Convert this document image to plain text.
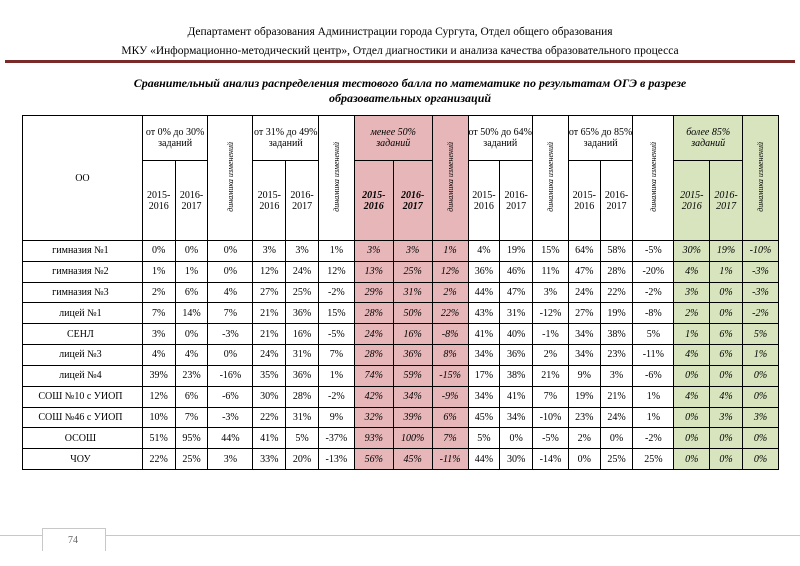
Департамент образования Администрации города Сургута, Отдел общего образования
МКУ «Информационно-методический центр», Отдел диагностики и анализа качества образовательного процесса
Сравнительный анализ распределения тестового балла по математике по результатам ОГЭ в разрезе образовательных организаций
ОО	от 0% до 30% заданий		динамика изменений	от 31% до 49% заданий		динамика изменений	менее 50% заданий		динамика изменений	от 50% до 64% заданий		динамика изменений	от 65% до 85% заданий		динамика изменений	более 85% заданий		динамика изменений
	2015-2016	2016-2017		2015-2016	2016-2017		2015-2016	2016-2017		2015-2016	2016-2017		2015-2016	2016-2017		2015-2016	2016-2017	
гимназия №1	0%	0%	0%	3%	3%	1%	3%	3%	1%	4%	19%	15%	64%	58%	-5%	30%	19%	-10%
гимназия №2	1%	1%	0%	12%	24%	12%	13%	25%	12%	36%	46%	11%	47%	28%	-20%	4%	1%	-3%
гимназия №3	2%	6%	4%	27%	25%	-2%	29%	31%	2%	44%	47%	3%	24%	22%	-2%	3%	0%	-3%
лицей №1	7%	14%	7%	21%	36%	15%	28%	50%	22%	43%	31%	-12%	27%	19%	-8%	2%	0%	-2%
СЕНЛ	3%	0%	-3%	21%	16%	-5%	24%	16%	-8%	41%	40%	-1%	34%	38%	5%	1%	6%	5%
лицей №3	4%	4%	0%	24%	31%	7%	28%	36%	8%	34%	36%	2%	34%	23%	-11%	4%	6%	1%
лицей №4	39%	23%	-16%	35%	36%	1%	74%	59%	-15%	17%	38%	21%	9%	3%	-6%	0%	0%	0%
СОШ №10 с УИОП	12%	6%	-6%	30%	28%	-2%	42%	34%	-9%	34%	41%	7%	19%	21%	1%	4%	4%	0%
СОШ №46 с УИОП	10%	7%	-3%	22%	31%	9%	32%	39%	6%	45%	34%	-10%	23%	24%	1%	0%	3%	3%
ОСОШ	51%	95%	44%	41%	5%	-37%	93%	100%	7%	5%	0%	-5%	2%	0%	-2%	0%	0%	0%
ЧОУ	22%	25%	3%	33%	20%	-13%	56%	45%	-11%	44%	30%	-14%	0%	25%	25%	0%	0%	0%
74
